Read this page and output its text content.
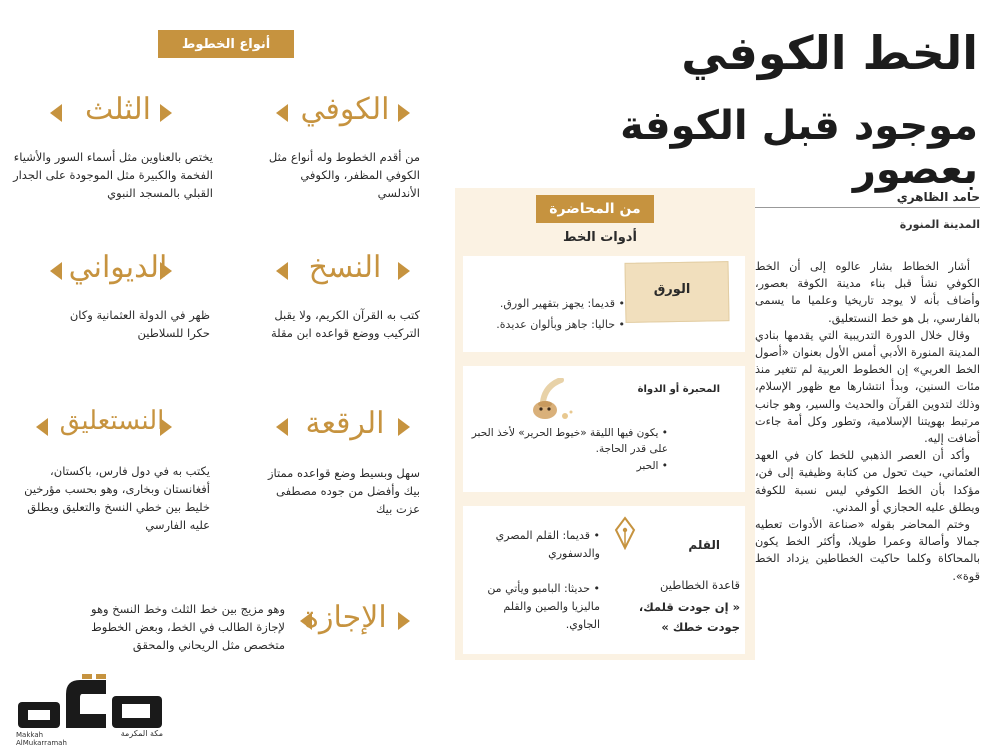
الخط الكوفي
موجود قبل الكوفة بعصور
حامد الظاهري
المدينة المنورة

أشار الخطاط بشار عالوه إلى أن الخط الكوفي نشأ قبل بناء مدينة الكوفة بعصور، وأضاف بأنه لا يوجد تاريخيا وعلميا ما يسمى بالفارسي، بل هو خط النستعليق.

وقال خلال الدورة التدريبية التي يقدمها بنادي المدينة المنورة الأدبي أمس الأول بعنوان «أصول الخط العربي» إن الخطوط العربية لم تتغير منذ مئات السنين، وبدأ انتشارها مع ظهور الإسلام، وذلك لتدوين القرآن والحديث والسير، وهو جانب مرتبط بهويتنا الإسلامية، وتطور وكل أمة جاءت أضافت إليه.

وأكد أن العصر الذهبي للخط كان في العهد العثماني، حيث تحول من كتابة وظيفية إلى فن، مؤكدا بأن الخط الكوفي ليس نسبة للكوفة ويطلق عليه الحجازي أو المدني.

وختم المحاضر بقوله «صناعة الأدوات تعطيه جمالا وأصالة وعمرا طويلا، وأكثر الخط يكون بالمحاكاة وكلما حاكيت الخطاطين يزداد الخط قوة».

من المحاضرة
أدوات الخط
الورق
• قديما: يجهز بتقهير الورق.
• حاليا: جاهز وبألوان عديدة.
المحبرة أو الدواة
• يكون فيها الليقة «خيوط الحرير» لأخذ الحبر على قدر الحاجة.
• الحبر
القلم
• قديما: القلم المصري والدسفوري
• حديثا: البامبو ويأتي من ماليزيا والصين والقلم الجاوي.
قاعدة الخطاطين
« إن جودت قلمك،
جودت خطك »
أنواع الخطوط
الكوفي
من أقدم الخطوط وله أنواع مثل الكوفي المظفر، والكوفي الأندلسي
الثلث
يختص بالعناوين مثل أسماء السور والأشياء الفخمة والكبيرة مثل الموجودة على الجدار القبلي بالمسجد النبوي
النسخ
كتب به القرآن الكريم، ولا يقبل التركيب ووضع قواعده ابن مقلة
الديواني
ظهر في الدولة العثمانية وكان حكرا للسلاطين
الرقعة
سهل وبسيط وضع قواعده ممتاز بيك وأفضل من جوده مصطفى عزت بيك
النستعليق
يكتب به في دول فارس، باكستان، أفغانستان وبخارى، وهو بحسب مؤرخين خليط بين خطي النسخ والتعليق ويطلق عليه الفارسي
الإجازة
وهو مزيج بين خط الثلث وخط النسخ وهو لإجازة الطالب في الخط، وبعض الخطوط متخصص مثل الريحاني والمحقق
Makkah AlMukarramah
مكة المكرمة
